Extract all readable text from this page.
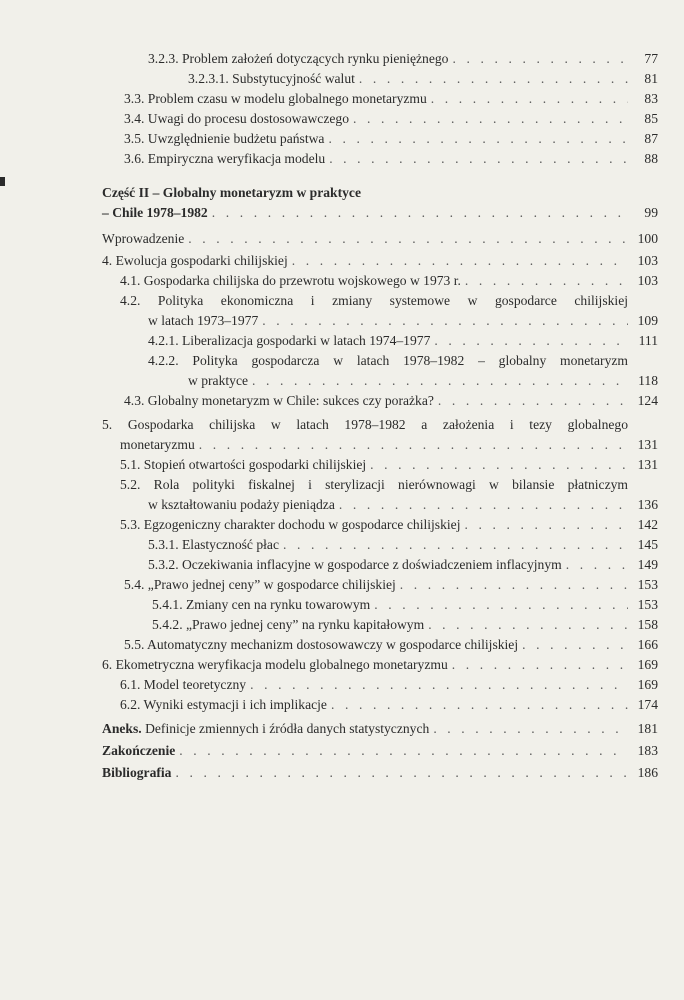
3.2.3. Problem założeń dotyczących rynku pieniężnego . . .	77
3.2.3.1. Substytucyjność walut . . .	81
3.3. Problem czasu w modelu globalnego monetaryzmu . . .	83
3.4. Uwagi do procesu dostosowawczego . . .	85
3.5. Uwzględnienie budżetu państwa . . .	87
3.6. Empiryczna weryfikacja modelu . . .	88
Część II – Globalny monetaryzm w praktyce
– Chile 1978–1982 . . .	99
Wprowadzenie . . .	100
4. Ewolucja gospodarki chilijskiej . . .	103
4.1. Gospodarka chilijska do przewrotu wojskowego w 1973 r. . . .	103
4.2. Polityka ekonomiczna i zmiany systemowe w gospodarce chilijskiej
w latach 1973–1977 . . .	109
4.2.1. Liberalizacja gospodarki w latach 1974–1977 . . .	111
4.2.2. Polityka gospodarcza w latach 1978–1982 – globalny monetaryzm
w praktyce . . .	118
4.3. Globalny monetaryzm w Chile: sukces czy porażka? . . .	124
5. Gospodarka chilijska w latach 1978–1982 a założenia i tezy globalnego
monetaryzmu . . .	131
5.1. Stopień otwartości gospodarki chilijskiej . . .	131
5.2. Rola polityki fiskalnej i sterylizacji nierównowagi w bilansie płatniczym
w kształtowaniu podaży pieniądza . . .	136
5.3. Egzogeniczny charakter dochodu w gospodarce chilijskiej . . .	142
5.3.1. Elastyczność płac . . .	145
5.3.2. Oczekiwania inflacyjne w gospodarce z doświadczeniem inflacyjnym . . .	149
5.4. „Prawo jednej ceny” w gospodarce chilijskiej . . .	153
5.4.1. Zmiany cen na rynku towarowym . . .	153
5.4.2. „Prawo jednej ceny” na rynku kapitałowym . . .	158
5.5. Automatyczny mechanizm dostosowawczy w gospodarce chilijskiej . . .	166
6. Ekometryczna weryfikacja modelu globalnego monetaryzmu . . .	169
6.1. Model teoretyczny . . .	169
6.2. Wyniki estymacji i ich implikacje . . .	174
Aneks. Definicje zmiennych i źródła danych statystycznych . . .	181
Zakończenie . . .	183
Bibliografia . . .	186
